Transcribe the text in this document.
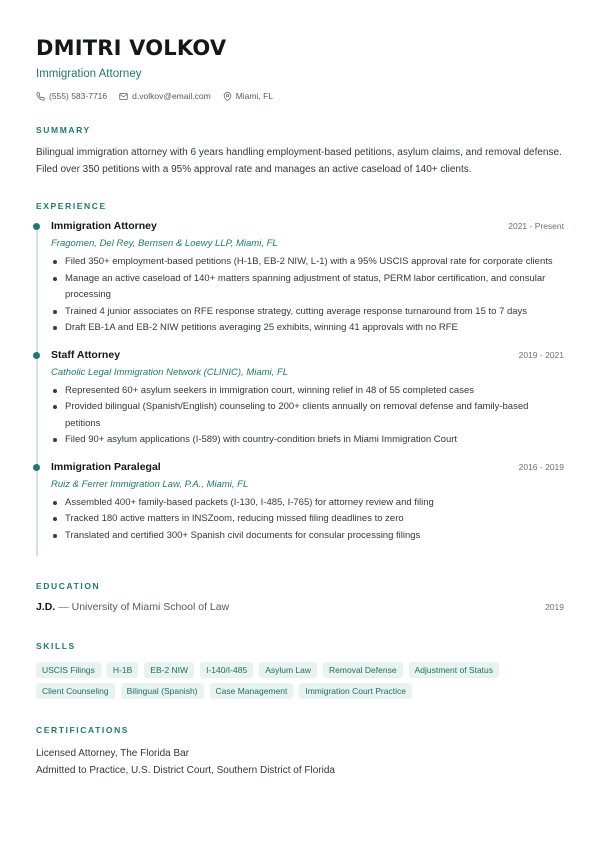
DMITRI VOLKOV
Immigration Attorney
(555) 583-7716	d.volkov@email.com	Miami, FL
SUMMARY

Bilingual immigration attorney with 6 years handling employment-based petitions, asylum claims, and removal defense. Filed over 350 petitions with a 95% approval rate and manages an active caseload of 140+ clients.

EXPERIENCE
Immigration Attorney	2021 - Present
Fragomen, Del Rey, Bernsen & Loewy LLP, Miami, FL
Filed 350+ employment-based petitions (H-1B, EB-2 NIW, L-1) with a 95% USCIS approval rate for corporate clients
Manage an active caseload of 140+ matters spanning adjustment of status, PERM labor certification, and consular processing
Trained 4 junior associates on RFE response strategy, cutting average response turnaround from 15 to 7 days
Draft EB-1A and EB-2 NIW petitions averaging 25 exhibits, winning 41 approvals with no RFE
Staff Attorney	2019 - 2021
Catholic Legal Immigration Network (CLINIC), Miami, FL
Represented 60+ asylum seekers in immigration court, winning relief in 48 of 55 completed cases
Provided bilingual (Spanish/English) counseling to 200+ clients annually on removal defense and family-based petitions
Filed 90+ asylum applications (I-589) with country-condition briefs in Miami Immigration Court
Immigration Paralegal	2016 - 2019
Ruiz & Ferrer Immigration Law, P.A., Miami, FL
Assembled 400+ family-based packets (I-130, I-485, I-765) for attorney review and filing
Tracked 180 active matters in INSZoom, reducing missed filing deadlines to zero
Translated and certified 300+ Spanish civil documents for consular processing filings
EDUCATION
J.D. — University of Miami School of Law	2019
SKILLS
USCIS Filings	H-1B	EB-2 NIW	I-140/I-485	Asylum Law	Removal Defense	Adjustment of Status
Client Counseling	Bilingual (Spanish)	Case Management	Immigration Court Practice
CERTIFICATIONS
Licensed Attorney, The Florida Bar
Admitted to Practice, U.S. District Court, Southern District of Florida
